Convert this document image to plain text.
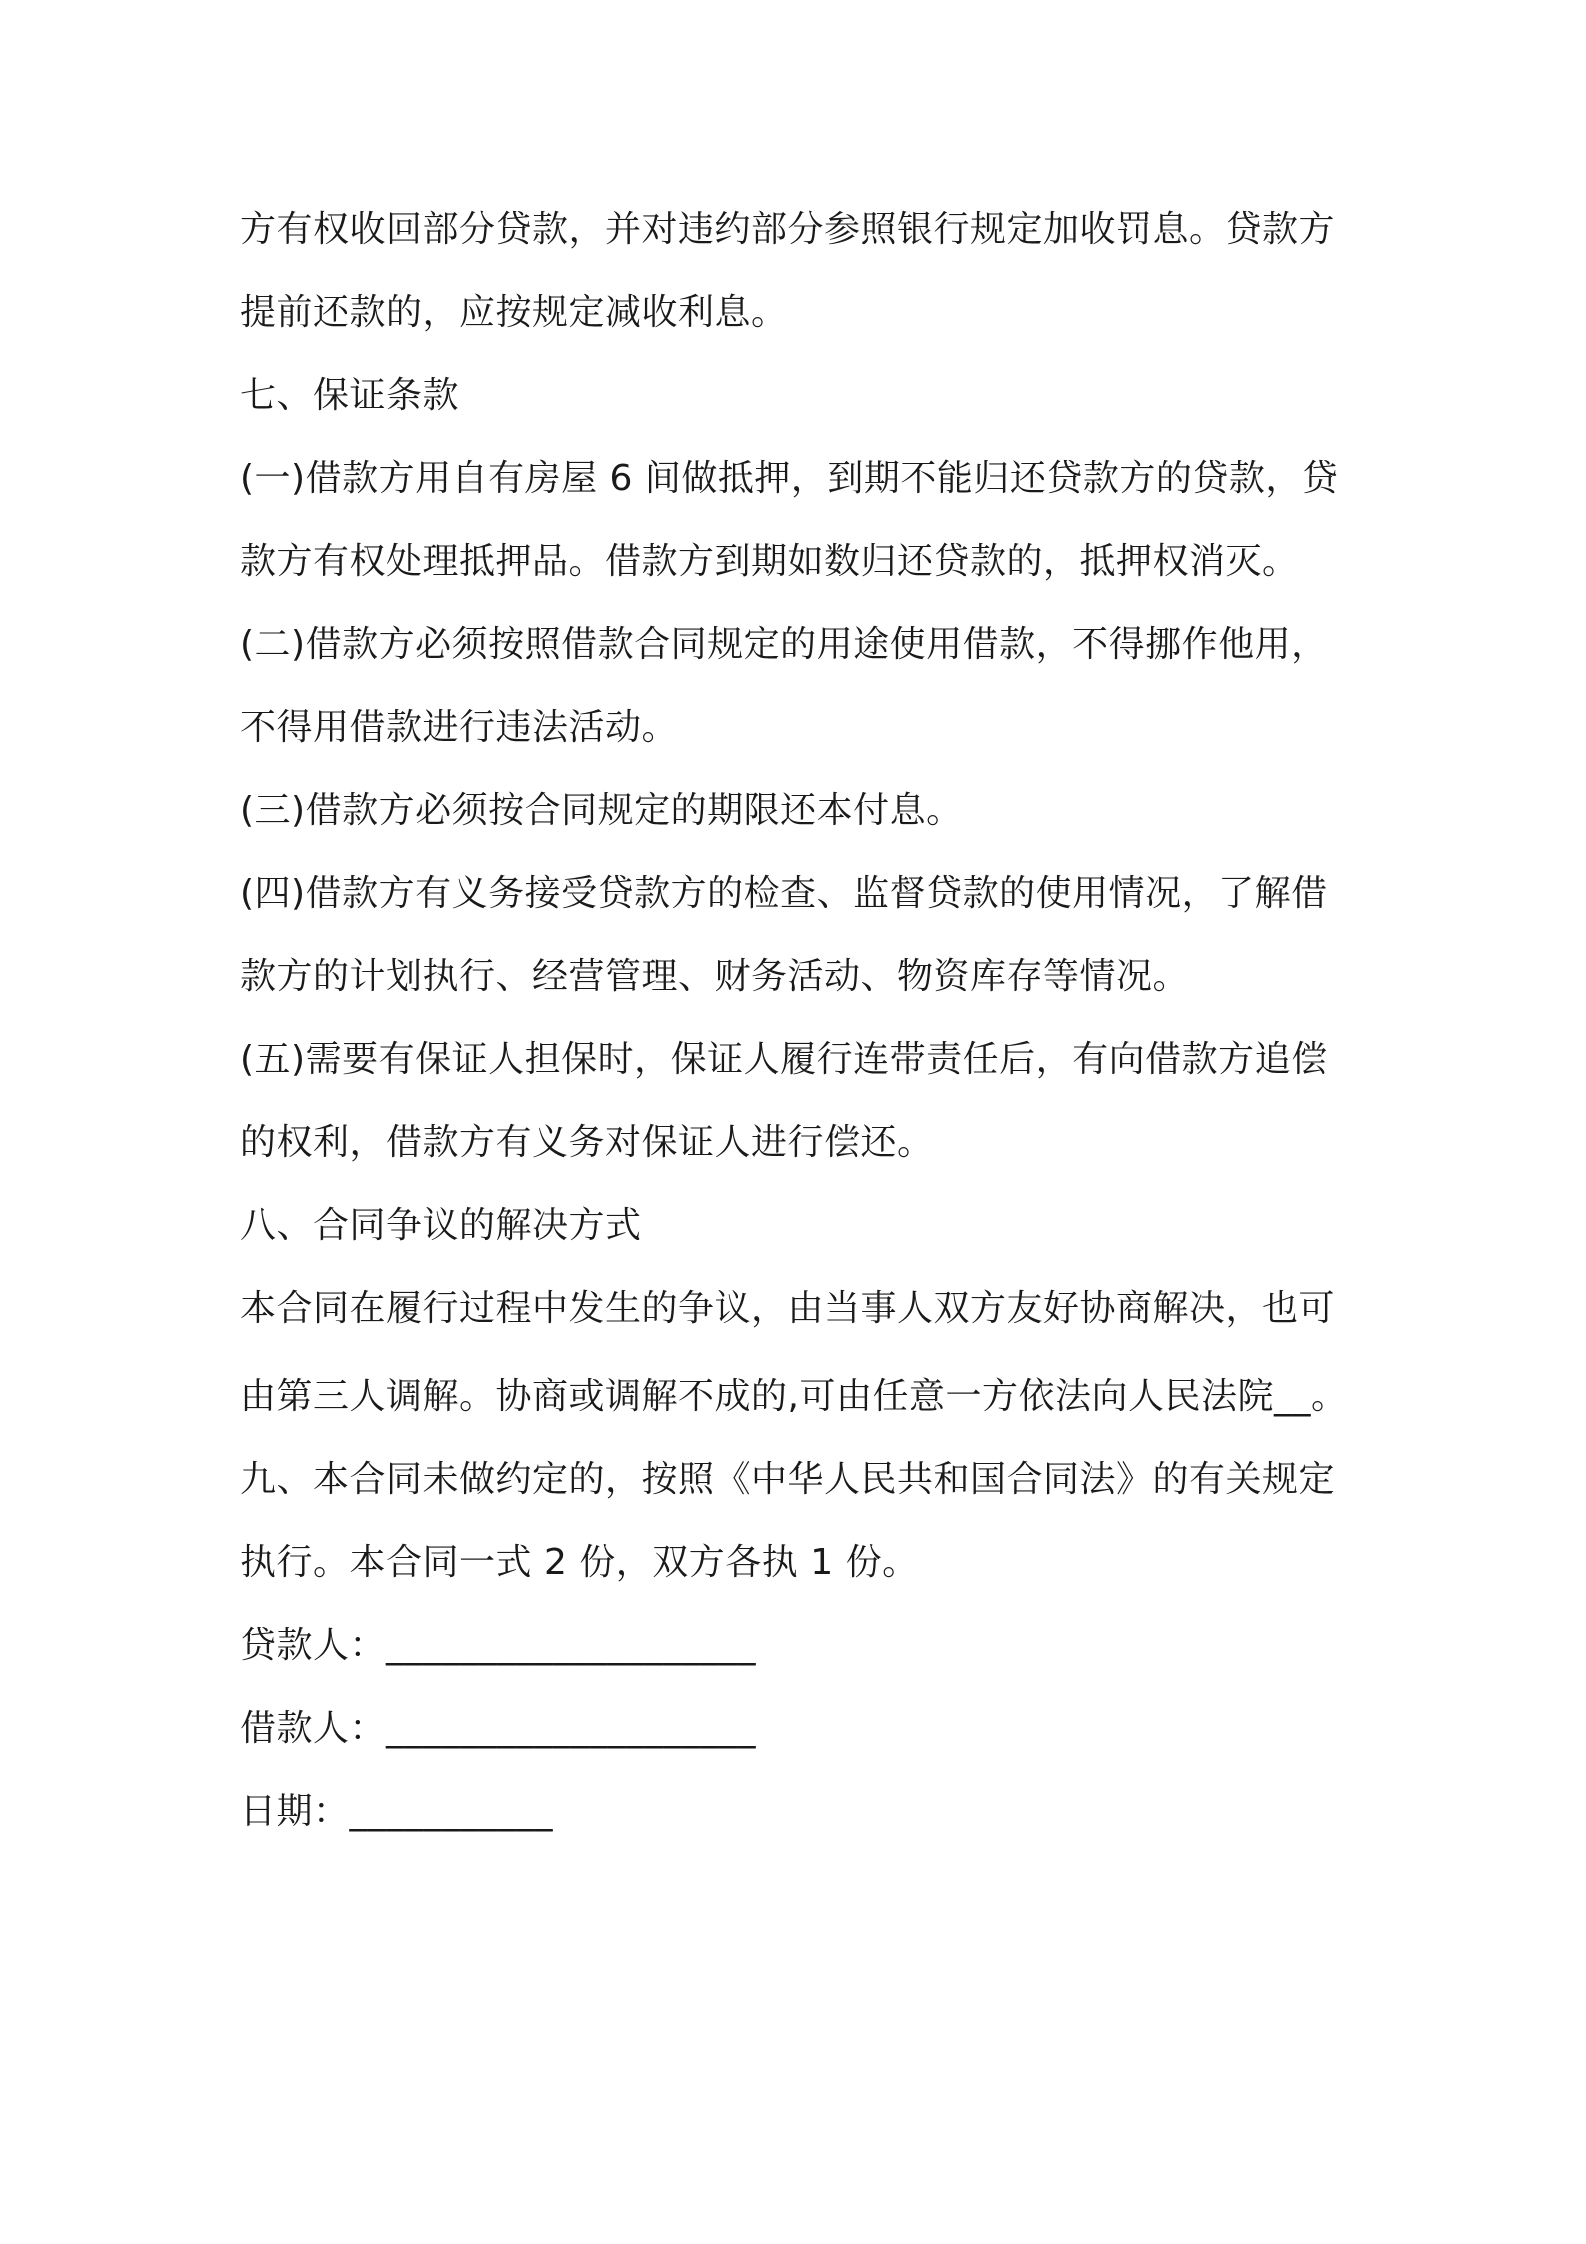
方有权收回部分贷款，并对违约部分参照银行规定加收罚息。贷款方
提前还款的，应按规定减收利息。
七、保证条款
(一)借款方用自有房屋 6 间做抵押，到期不能归还贷款方的贷款，贷
款方有权处理抵押品。借款方到期如数归还贷款的，抵押权消灭。
(二)借款方必须按照借款合同规定的用途使用借款，不得挪作他用，
不得用借款进行违法活动。
(三)借款方必须按合同规定的期限还本付息。
(四)借款方有义务接受贷款方的检查、监督贷款的使用情况，了解借
款方的计划执行、经营管理、财务活动、物资库存等情况。
(五)需要有保证人担保时，保证人履行连带责任后，有向借款方追偿
的权利，借款方有义务对保证人进行偿还。
八、合同争议的解决方式
本合同在履行过程中发生的争议，由当事人双方友好协商解决，也可
由第三人调解。协商或调解不成的,可由任意一方依法向人民法院__。
九、本合同未做约定的，按照《中华人民共和国合同法》的有关规定
执行。本合同一式 2 份，双方各执 1 份。
贷款人：____________________
借款人：____________________
日期：___________
